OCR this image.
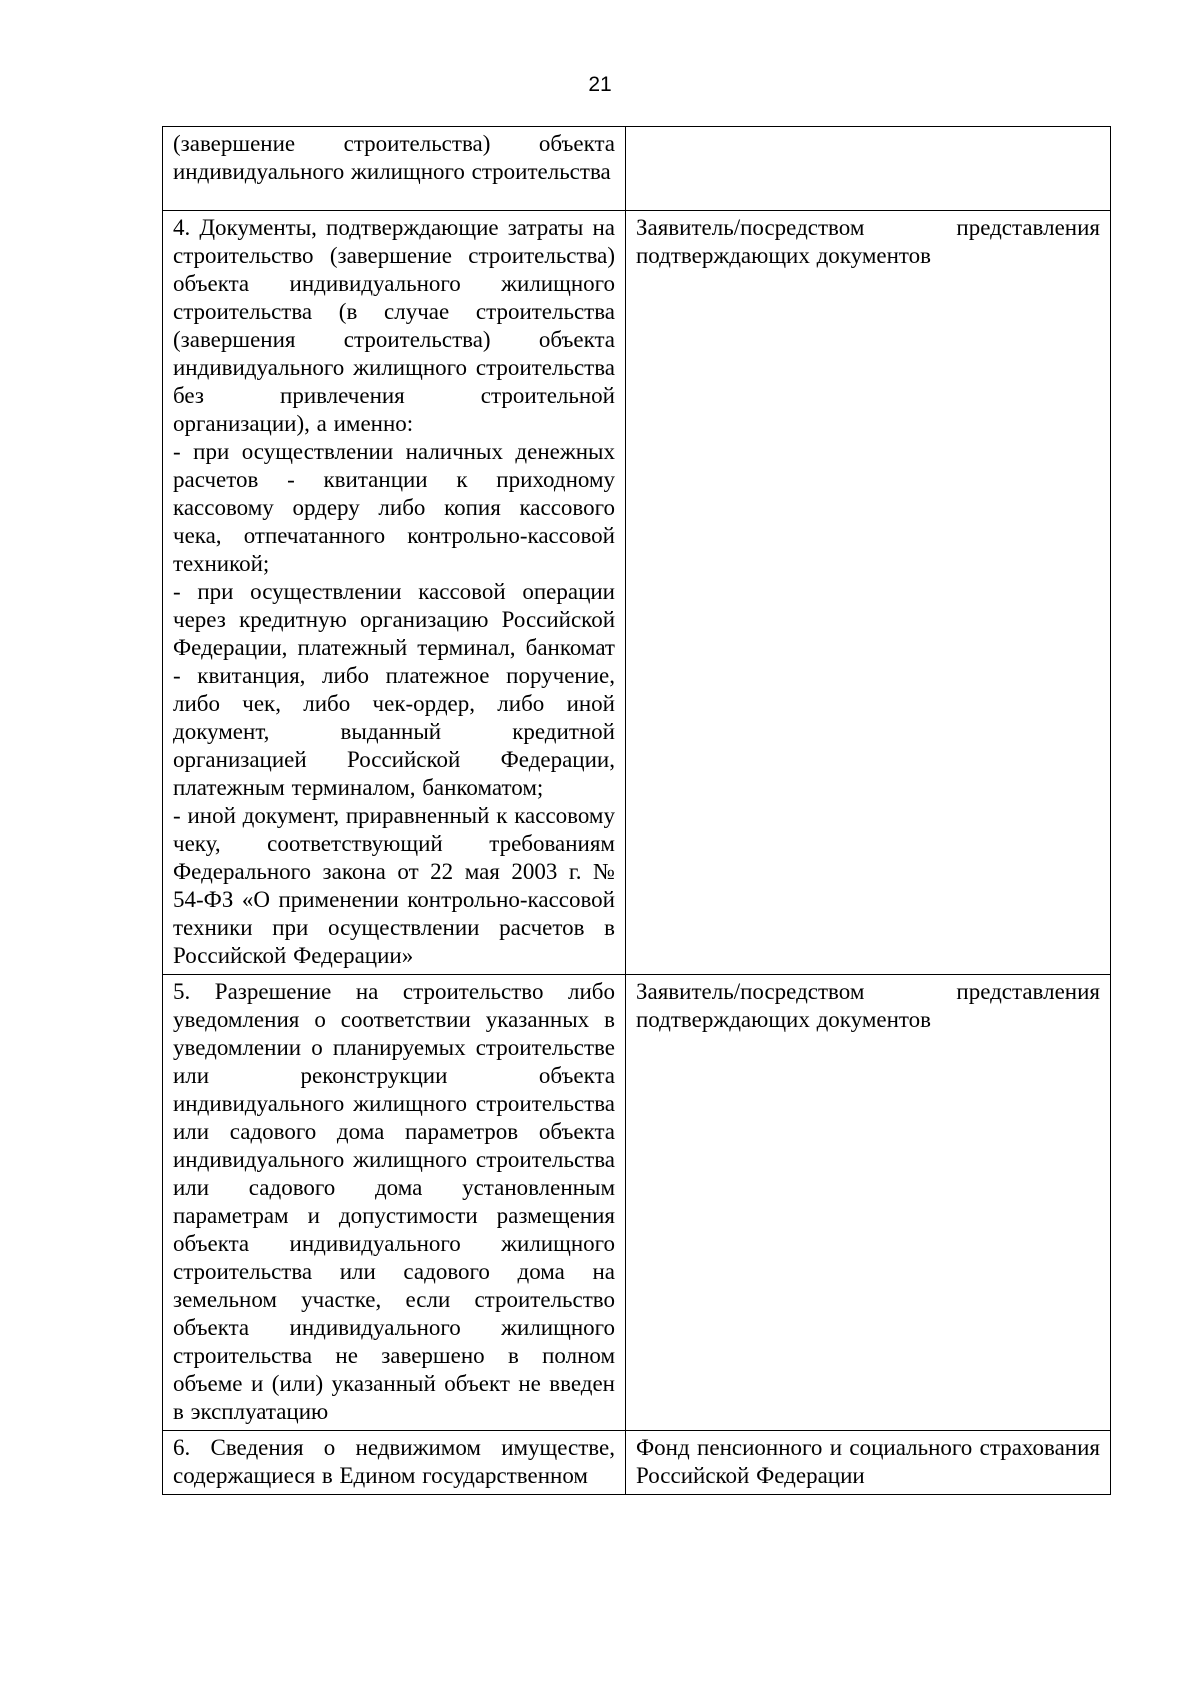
21

(завершение строительства) объекта индивидуального жилищного строительства	

4. Документы, подтверждающие затраты на строительство (завершение строительства) объекта индивидуального жилищного строительства (в случае строительства (завершения строительства) объекта индивидуального жилищного строительства без привлечения строительной организации), а именно:

- при осуществлении наличных денежных расчетов - квитанции к приходному кассовому ордеру либо копия кассового чека, отпечатанного контрольно-кассовой техникой;

- при осуществлении кассовой операции через кредитную организацию Российской Федерации, платежный терминал, банкомат - квитанция, либо платежное поручение, либо чек, либо чек-ордер, либо иной документ, выданный кредитной организацией Российской Федерации, платежным терминалом, банкоматом;

- иной документ, приравненный к кассовому чеку, соответствующий требованиям Федерального закона от 22 мая 2003 г. № 54-ФЗ «О применении контрольно-кассовой техники при осуществлении расчетов в Российской Федерации»	Заявитель/посредством представления подтверждающих документов

5. Разрешение на строительство либо уведомления о соответствии указанных в уведомлении о планируемых строительстве или реконструкции объекта индивидуального жилищного строительства или садового дома параметров объекта индивидуального жилищного строительства или садового дома установленным параметрам и допустимости размещения объекта индивидуального жилищного строительства или садового дома на земельном участке, если строительство объекта индивидуального жилищного строительства не завершено в полном объеме и (или) указанный объект не введен в эксплуатацию	Заявитель/посредством представления подтверждающих документов

6. Сведения о недвижимом имуществе, содержащиеся в Едином государственном	Фонд пенсионного и социального страхования Российской Федерации
